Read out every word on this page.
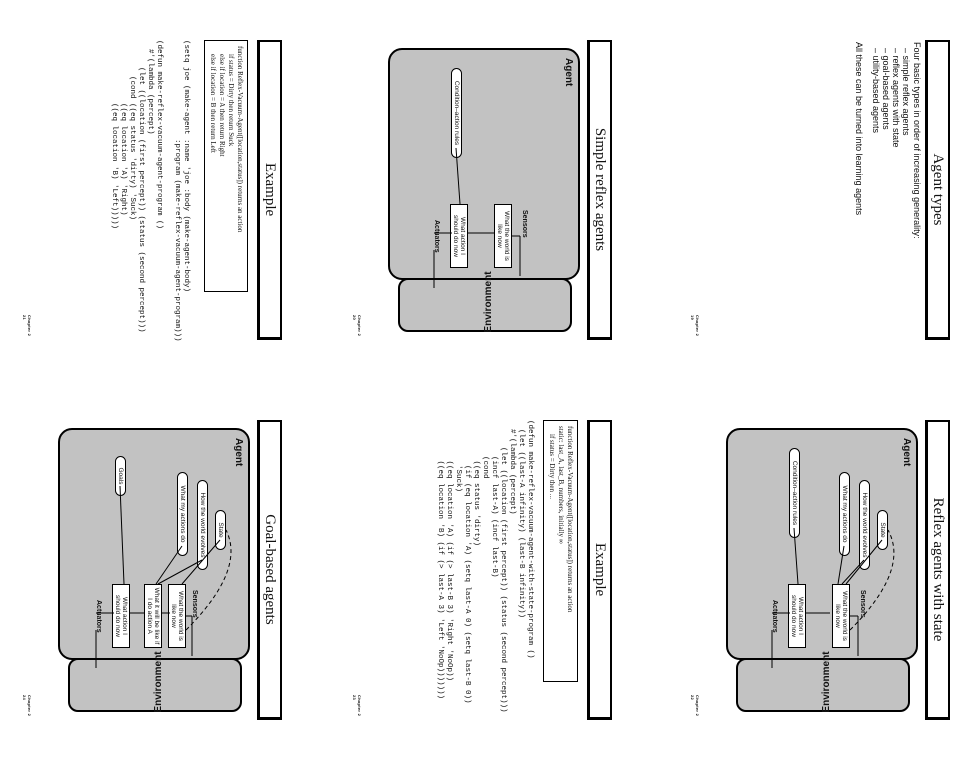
Agent types
Four basic types in order of increasing generality:
– simple reflex agents
– reflex agents with state
– goal-based agents
– utility-based agents
All these can be turned into learning agents
Chapter 2 19
Simple reflex agents
Agent
Sensors
What the world is like now
Condition–action rules
What action I should do now
Actuators
Environment
Chapter 2 20
Example
function Reflex-Vacuum-Agent([location,status]) returns an action
if status = Dirty then return Suck
else if location = A then return Right
else if location = B then return Left
(setq joe (make-agent :name 'joe :body (make-agent-body)
:program (make-reflex-vacuum-agent-program)))

(defun make-reflex-vacuum-agent-program ()
#'(lambda (percept)
(let ((location (first percept)) (status (second percept)))
(cond ((eq status 'dirty) 'Suck)
((eq location 'A) 'Right)
((eq location 'B) 'Left)))))
Chapter 2 21
Reflex agents with state
Agent
Sensors
State
How the world evolves
What my actions do
What the world is like now
Condition–action rules
What action I should do now
Actuators
Environment
Chapter 2 22
Example
function Reflex-Vacuum-Agent([location,status]) returns an action
static: last_A, last_B, numbers, initially ∞
if status = Dirty then ...
(defun make-reflex-vacuum-agent-with-state-program ()
(let ((last-A infinity) (last-B infinity))
#'(lambda (percept)
(let ((location (first percept)) (status (second percept)))
(incf last-A) (incf last-B)
(cond
((eq status 'dirty)
(if (eq location 'A) (setq last-A 0) (setq last-B 0))
'Suck)
((eq location 'A) (if (> last-B 3) 'Right 'NoOp))
((eq location 'B) (if (> last-A 3) 'Left 'NoOp)))))))
Chapter 2 23
Goal-based agents
Agent
Sensors
State
How the world evolves
What my actions do
Goals
What the world is like now
What it will be like if I do action A
What action I should do now
Actuators
Environment
Chapter 2 24
